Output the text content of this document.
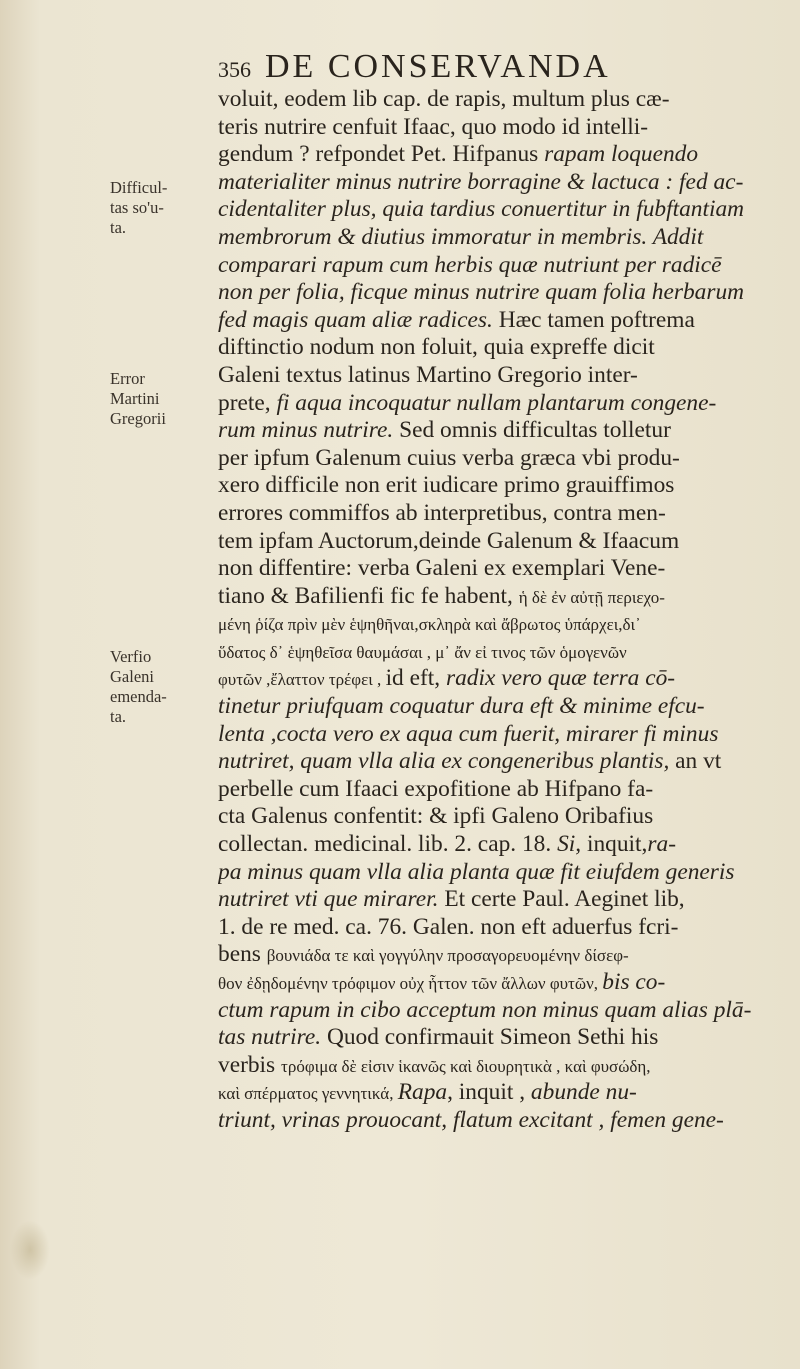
356 DE CONSERVANDA
Difficul-
tas so'u-
ta.
Error
Martini
Gregorii
Verfio
Galeni
emenda-
ta.
voluit, eodem lib cap. de rapis, multum plus cæ-
teris nutrire cenfuit Ifaac, quo modo id intelli-
gendum ? refpondet Pet. Hifpanus rapam loquendo
materialiter minus nutrire borragine & lactuca : fed ac-
cidentaliter plus, quia tardius conuertitur in fubftantiam
membrorum & diutius immoratur in membris. Addit
comparari rapum cum herbis quæ nutriunt per radicē
non per folia, ficque minus nutrire quam folia herbarum
fed magis quam aliæ radices. Hæc tamen poftrema
diftinctio nodum non foluit, quia expreffe dicit
Galeni textus latinus Martino Gregorio inter-
prete, fi aqua incoquatur nullam plantarum congene-
rum minus nutrire. Sed omnis difficultas tolletur
per ipfum Galenum cuius verba græca vbi produ-
xero difficile non erit iudicare primo grauiffimos
errores commiffos ab interpretibus, contra men-
tem ipfam Auctorum,deinde Galenum & Ifaacum
non diffentire: verba Galeni ex exemplari Vene-
tiano & Bafilienfi fic fe habent, ἡ δὲ ἐν αὐτῇ περιεχο-
μένη ῥίζα πρὶν μὲν ἑψηθῆναι,σκληρὰ καὶ ἄβρωτος ὑπάρχει,δι᾽
ὕδατος δ᾽ ἑψηθεῖσα θαυμάσαι , μ᾽ ἄν εἰ τινος τῶν ὁμογενῶν
φυτῶν ,ἔλαττον τρέφει , id eft, radix vero quæ terra cō-
tinetur priufquam coquatur dura eft & minime efcu-
lenta ,cocta vero ex aqua cum fuerit, mirarer fi minus
nutriret, quam vlla alia ex congeneribus plantis, an vt
perbelle cum Ifaaci expofitione ab Hifpano fa-
cta Galenus confentit: & ipfi Galeno Oribafius
collectan. medicinal. lib. 2. cap. 18. Si, inquit,ra-
pa minus quam vlla alia planta quæ fit eiufdem generis
nutriret vti que mirarer. Et certe Paul. Aeginet lib,
1. de re med. ca. 76. Galen. non eft aduerfus fcri-
bens βουνιάδα τε καὶ γογγύλην προσαγορευομένην δίσεφ-
θον ἐδῃδομένην τρόφιμον οὐχ ἧττον τῶν ἄλλων φυτῶν, bis co-
ctum rapum in cibo acceptum non minus quam alias plā-
tas nutrire. Quod confirmauit Simeon Sethi his
verbis τρόφιμα δὲ εἰσιν ἱκανῶς καὶ διουρητικὰ , καὶ φυσώδη,
καὶ σπέρματος γεννητικά, Rapa, inquit , abunde nu-
triunt, vrinas prouocant, flatum excitant , femen gene-
